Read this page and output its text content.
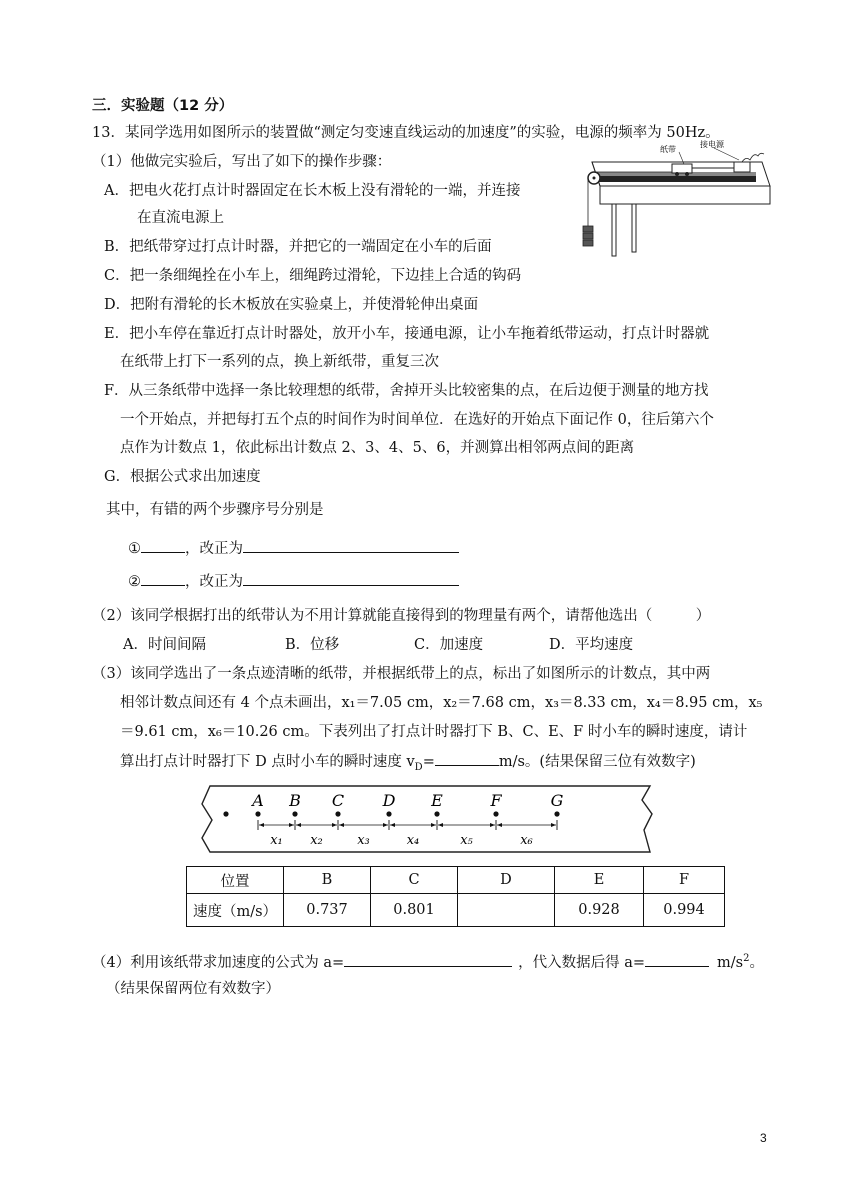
三．实验题（12 分）
13．某同学选用如图所示的装置做“测定匀变速直线运动的加速度”的实验，电源的频率为 50Hz。
（1）他做完实验后，写出了如下的操作步骤：
A．把电火花打点计时器固定在长木板上没有滑轮的一端，并连接
在直流电源上
B．把纸带穿过打点计时器，并把它的一端固定在小车的后面
C．把一条细绳拴在小车上，细绳跨过滑轮，下边挂上合适的钩码
D．把附有滑轮的长木板放在实验桌上，并使滑轮伸出桌面
E．把小车停在靠近打点计时器处，放开小车，接通电源，让小车拖着纸带运动，打点计时器就
在纸带上打下一系列的点，换上新纸带，重复三次
F．从三条纸带中选择一条比较理想的纸带，舍掉开头比较密集的点，在后边便于测量的地方找
一个开始点，并把每打五个点的时间作为时间单位．在选好的开始点下面记作 0，往后第六个
点作为计数点 1，依此标出计数点 2、3、4、5、6，并测算出相邻两点间的距离
G．根据公式求出加速度
其中，有错的两个步骤序号分别是
①	，改正为
②	，改正为
纸带
接电源
（2）该同学根据打出的纸带认为不用计算就能直接得到的物理量有两个，请帮他选出（　　　）
A．时间间隔	B．位移	C．加速度	D．平均速度
（3）该同学选出了一条点迹清晰的纸带，并根据纸带上的点，标出了如图所示的计数点，其中两
相邻计数点间还有 4 个点未画出，x₁＝7.05 cm，x₂＝7.68 cm，x₃＝8.33 cm，x₄＝8.95 cm，x₅
＝9.61 cm，x₆＝10.26 cm。下表列出了打点计时器打下 B、C、E、F 时小车的瞬时速度，请计
算出打点计时器打下 D 点时小车的瞬时速度 $v_D=$	m/s。(结果保留三位有效数字)
A B C D E	F	G
x₁ x₂	x₃	x₄	x₅	x₆
位置	B	C	D	E	F
速度（m/s）	0.737	0.801		0.928	0.994
（4）利用该纸带求加速度的公式为 a=	，代入数据后得 a=	$m/s^2$。
（结果保留两位有效数字）
3
